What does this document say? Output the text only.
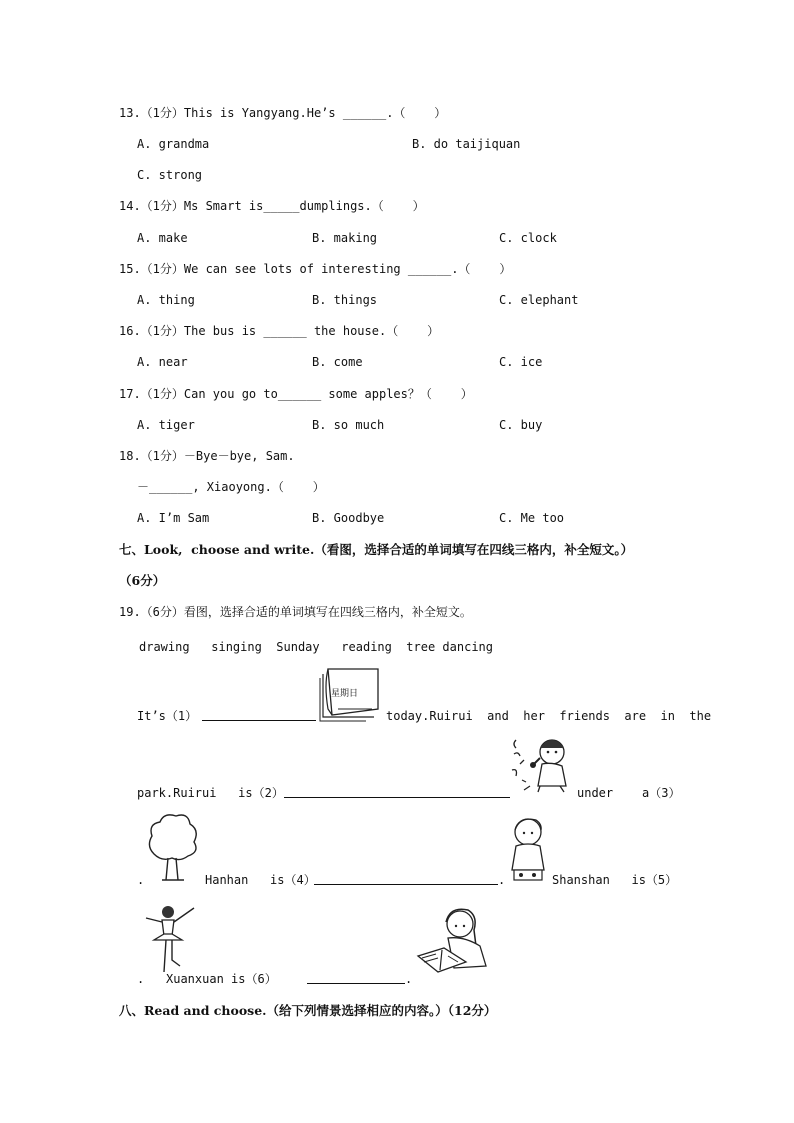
13.（1分）This is Yangyang.He’s ______.（    ）
A. grandma	B. do taijiquan
C. strong
14.（1分）Ms Smart is_____dumplings.（    ）
A. make	B. making	C. clock
15.（1分）We can see lots of interesting ______.（    ）
A. thing	B. things	C. elephant
16.（1分）The bus is ______ the house.（    ）
A. near	B. come	C. ice
17.（1分）Can you go to______ some apples？（    ）
A. tiger	B. so much	C. buy
18.（1分）－Bye－bye, Sam.
－______, Xiaoyong.（    ）
A. I’m Sam	B. Goodbye	C. Me too
七、Look,  choose and write.（看图，选择合适的单词填写在四线三格内，补全短文。）
（6分）
19.（6分）看图，选择合适的单词填写在四线三格内，补全短文。
drawing   singing  Sunday   reading  tree dancing
It’s（1）
星期日
today.Ruirui  and  her  friends  are  in  the
park.Ruirui   is（2）	under    a（3）
.	Hanhan   is（4）	.	Shanshan   is（5）
. Xuanxuan is（6）	.
八、Read and choose.（给下列情景选择相应的内容。）（12分）
